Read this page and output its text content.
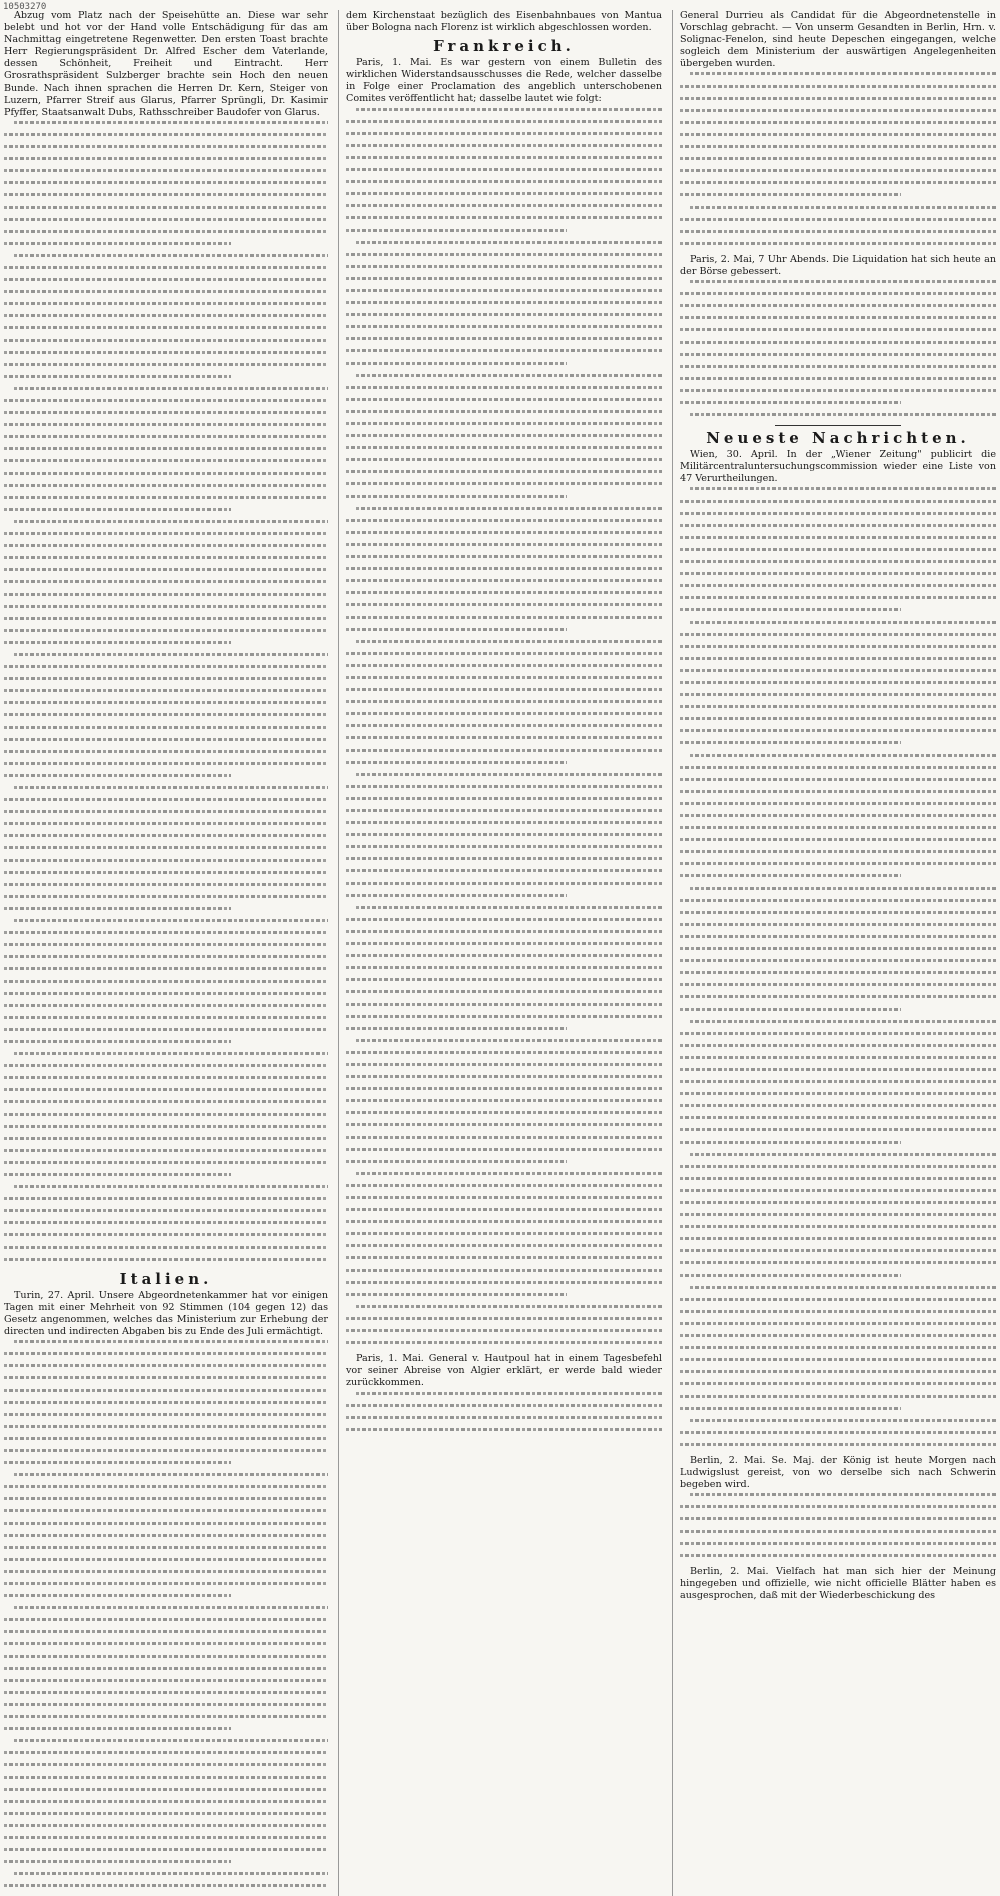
10503270
Abzug vom Platz nach der Speisehütte an. Diese war sehr belebt und hot vor der Hand volle Entschädigung für das am Nachmittag eingetretene Regenwetter. Den ersten Toast brachte Herr Regierungspräsident Dr. Alfred Escher dem Vaterlande, dessen Schönheit, Freiheit und Eintracht. Herr Grosrathspräsident Sulzberger brachte sein Hoch den neuen Bunde. Nach ihnen sprachen die Herren Dr. Kern, Steiger von Luzern, Pfarrer Streif aus Glarus, Pfarrer Sprüngli, Dr. Kasimir Pfyffer, Staatsanwalt Dubs, Rathsschreiber Baudofer von Glarus.
Italien.
Turin, 27. April. Unsere Abgeordnetenkammer hat vor einigen Tagen mit einer Mehrheit von 92 Stimmen (104 gegen 12) das Gesetz angenommen, welches das Ministerium zur Erhebung der directen und indirecten Abgaben bis zu Ende des Juli ermächtigt.
dem Kirchenstaat bezüglich des Eisenbahnbaues von Mantua über Bologna nach Florenz ist wirklich abgeschlossen worden.
Frankreich.
Paris, 1. Mai. Es war gestern von einem Bulletin des wirklichen Widerstandsausschusses die Rede, welcher dasselbe in Folge einer Proclamation des angeblich unterschobenen Comites veröffentlicht hat; dasselbe lautet wie folgt:
Paris, 1. Mai. General v. Hautpoul hat in einem Tagesbefehl vor seiner Abreise von Algier erklärt, er werde bald wieder zurückkommen.
General Durrieu als Candidat für die Abgeordnetenstelle in Vorschlag gebracht. — Von unserm Gesandten in Berlin, Hrn. v. Solignac-Fenelon, sind heute Depeschen eingegangen, welche sogleich dem Ministerium der auswärtigen Angelegenheiten übergeben wurden.
Paris, 2. Mai, 7 Uhr Abends. Die Liquidation hat sich heute an der Börse gebessert.
Neueste Nachrichten.
Wien, 30. April. In der „Wiener Zeitung" publicirt die Militärcentraluntersuchungscommission wieder eine Liste von 47 Verurtheilungen.
Berlin, 2. Mai. Se. Maj. der König ist heute Morgen nach Ludwigslust gereist, von wo derselbe sich nach Schwerin begeben wird.
Berlin, 2. Mai. Vielfach hat man sich hier der Meinung hingegeben und offizielle, wie nicht officielle Blätter haben es ausgesprochen, daß mit der Wiederbeschickung des
